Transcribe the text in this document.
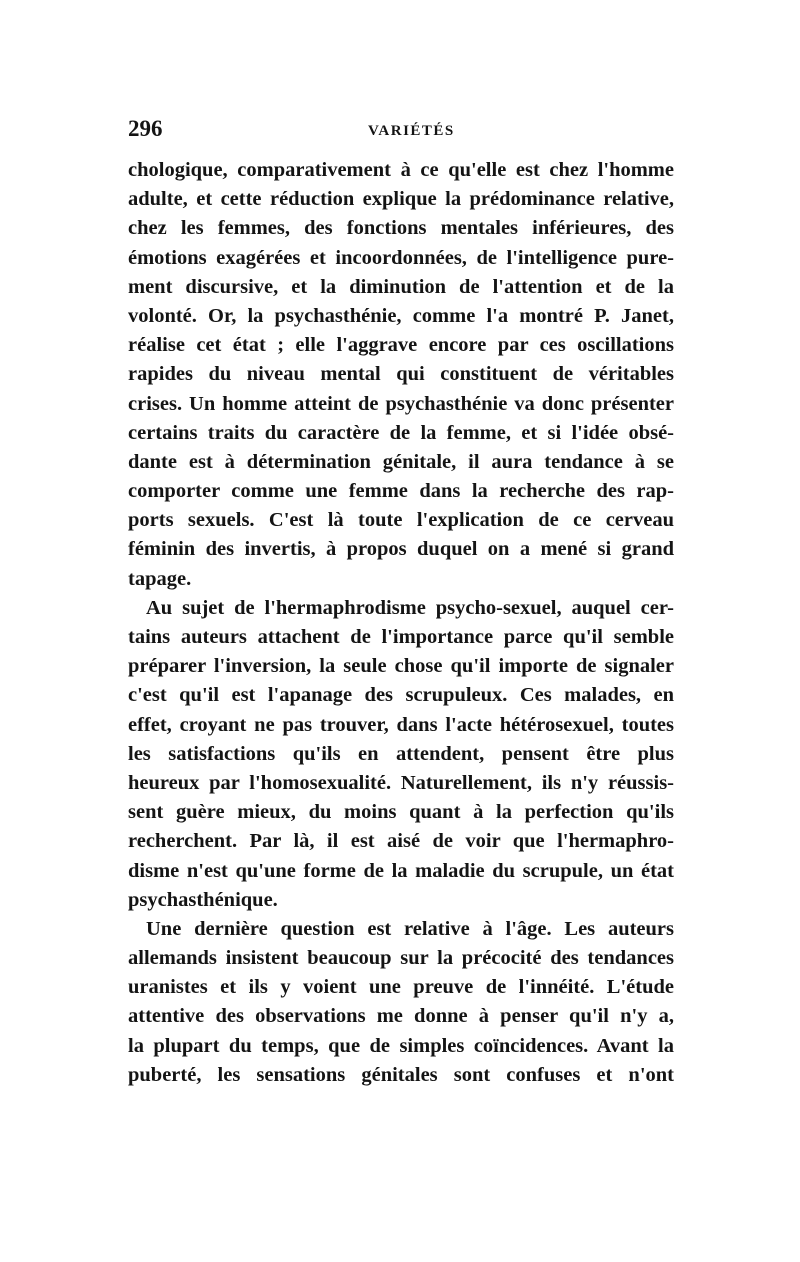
296	VARIÉTÉS
chologique, comparativement à ce qu'elle est chez l'homme
adulte, et cette réduction explique la prédominance relative,
chez les femmes, des fonctions mentales inférieures, des
émotions exagérées et incoordonnées, de l'intelligence pure-
ment discursive, et la diminution de l'attention et de la
volonté. Or, la psychasthénie, comme l'a montré P. Janet,
réalise cet état ; elle l'aggrave encore par ces oscillations
rapides du niveau mental qui constituent de véritables
crises. Un homme atteint de psychasthénie va donc présenter
certains traits du caractère de la femme, et si l'idée obsé-
dante est à détermination génitale, il aura tendance à se
comporter comme une femme dans la recherche des rap-
ports sexuels. C'est là toute l'explication de ce cerveau
féminin des invertis, à propos duquel on a mené si grand
tapage.
Au sujet de l'hermaphrodisme psycho-sexuel, auquel cer-
tains auteurs attachent de l'importance parce qu'il semble
préparer l'inversion, la seule chose qu'il importe de signaler
c'est qu'il est l'apanage des scrupuleux. Ces malades, en
effet, croyant ne pas trouver, dans l'acte hétérosexuel, toutes
les satisfactions qu'ils en attendent, pensent être plus
heureux par l'homosexualité. Naturellement, ils n'y réussis-
sent guère mieux, du moins quant à la perfection qu'ils
recherchent. Par là, il est aisé de voir que l'hermaphro-
disme n'est qu'une forme de la maladie du scrupule, un état
psychasthénique.
Une dernière question est relative à l'âge. Les auteurs
allemands insistent beaucoup sur la précocité des tendances
uranistes et ils y voient une preuve de l'innéité. L'étude
attentive des observations me donne à penser qu'il n'y a,
la plupart du temps, que de simples coïncidences. Avant la
puberté, les sensations génitales sont confuses et n'ont
